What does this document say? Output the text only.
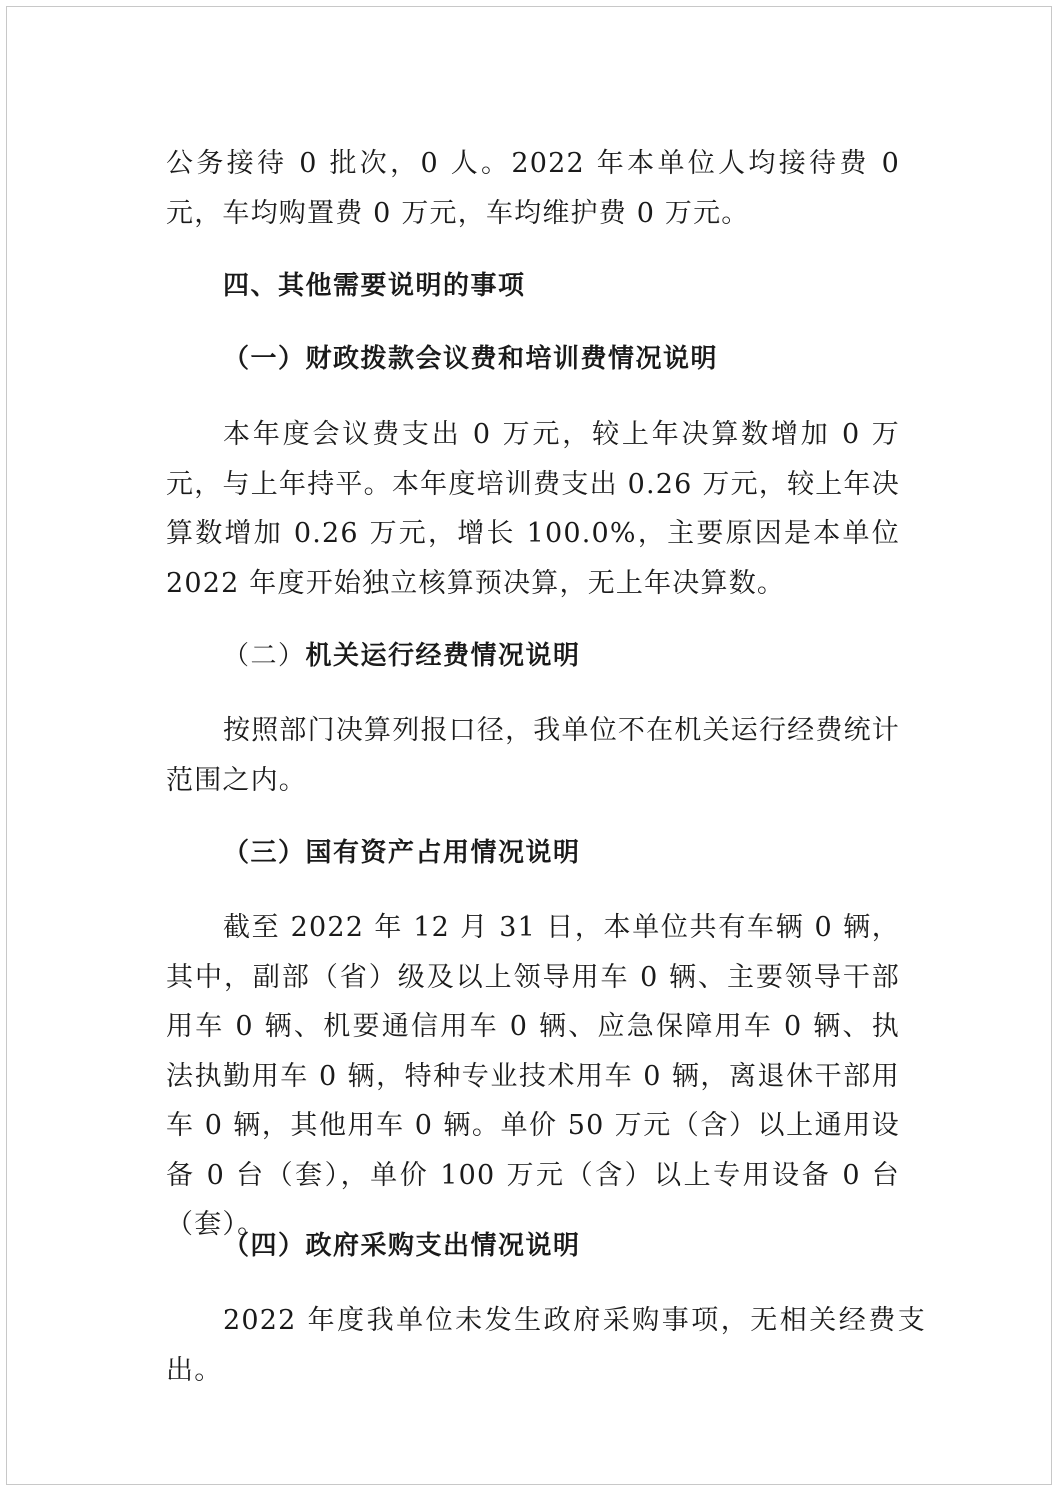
公务接待 0 批次，0 人。2022 年本单位人均接待费 0 元，车均购置费 0 万元，车均维护费 0 万元。

四、其他需要说明的事项

（一）财政拨款会议费和培训费情况说明

本年度会议费支出 0 万元，较上年决算数增加 0 万元，与上年持平。本年度培训费支出 0.26 万元，较上年决算数增加 0.26 万元，增长 100.0%，主要原因是本单位 2022 年度开始独立核算预决算，无上年决算数。

（二）机关运行经费情况说明

按照部门决算列报口径，我单位不在机关运行经费统计范围之内。

（三）国有资产占用情况说明

截至 2022 年 12 月 31 日，本单位共有车辆 0 辆，其中，副部（省）级及以上领导用车 0 辆、主要领导干部用车 0 辆、机要通信用车 0 辆、应急保障用车 0 辆、执法执勤用车 0 辆，特种专业技术用车 0 辆，离退休干部用车 0 辆，其他用车 0 辆。单价 50 万元（含）以上通用设备 0 台（套），单价 100 万元（含）以上专用设备 0 台（套）。

（四）政府采购支出情况说明

2022 年度我单位未发生政府采购事项，无相关经费支出。
